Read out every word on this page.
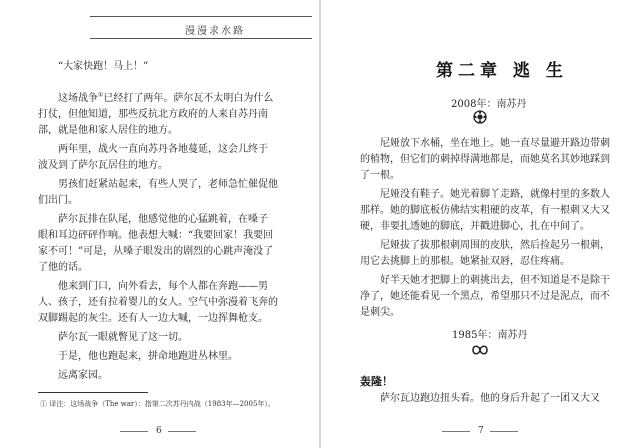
漫漫求水路
“大家快跑！马上！”
这场战争①已经打了两年。萨尔瓦不太明白为什么
打仗，但他知道，那些反抗北方政府的人来自苏丹南
部，就是他和家人居住的地方。
两年里，战火一直向苏丹各地蔓延，这会儿终于
波及到了萨尔瓦居住的地方。
男孩们赶紧站起来，有些人哭了，老师急忙催促他
们出门。
萨尔瓦排在队尾，他感觉他的心猛跳着，在嗓子
眼和耳边砰砰作响。他表想大喊：“我要回家！我要回
家不可！”可是，从嗓子眼发出的剧烈的心跳声淹没了
了他的话。
他来到门口，向外看去，每个人都在奔跑——男
人、孩子，还有拉着婴儿的女人。空气中弥漫着飞奔的
双脚踢起的灰尘。还有人一边大喊，一边挥舞枪支。
萨尔瓦一眼就瞥见了这一切。
于是，他也跑起来，拼命地跑进丛林里。
远离家园。
① 译注：这场战争（The war）：指第二次苏丹内战（1983年—2005年）。
6
第二章 逃 生
2008年：南苏丹
尼娅放下水桶，坐在地上。她一直尽量避开路边带刺
的植物，但它们的刺掉得满地都是，而她莫名其妙地踩到
了一根。
尼娅没有鞋子。她光着脚丫走路，就像村里的多数人
那样。她的脚底板仿佛结实粗硬的皮革，有一根刺又大又
硬，非要扎透她的脚底，并戳进脚心，扎在中间了。
尼娅拔了拔那根刺周围的皮肤，然后捡起另一根刺，
用它去挑脚上的那根。她紧扯双唇，忍住疼痛。
好半天她才把脚上的刺挑出去，但不知道是不是除干
净了，她还能看见一个黑点，希望那只不过是泥点，而不
是刺尖。
1985年：南苏丹
轰隆！
萨尔瓦边跑边扭头看。他的身后升起了一团又大又
7
